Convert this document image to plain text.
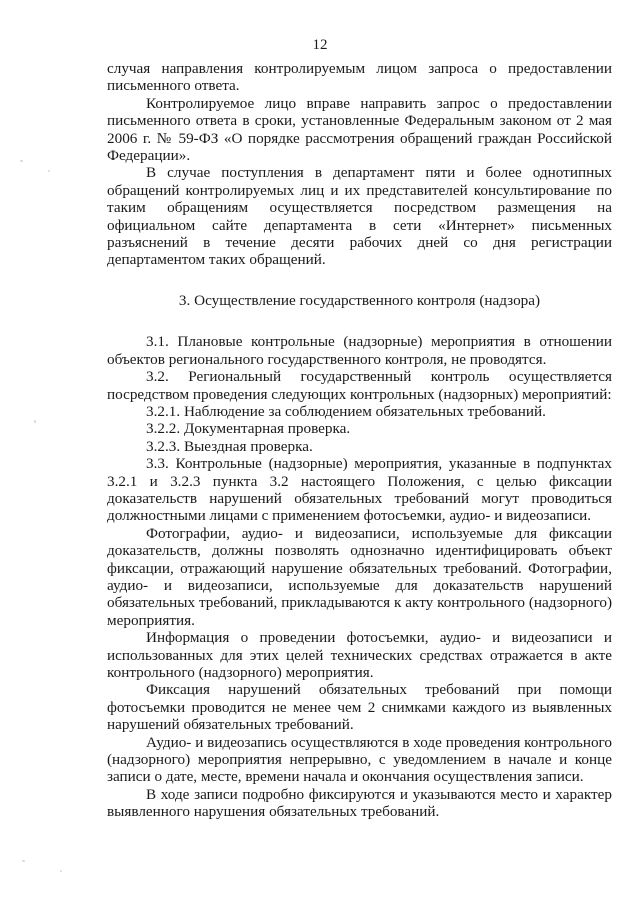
12

случая направления контролируемым лицом запроса о предоставлении письменного ответа.

Контролируемое лицо вправе направить запрос о предоставлении письменного ответа в сроки, установленные Федеральным законом от 2 мая 2006 г. № 59-ФЗ «О порядке рассмотрения обращений граждан Российской Федерации».

В случае поступления в департамент пяти и более однотипных обращений контролируемых лиц и их представителей консультирование по таким обращениям осуществляется посредством размещения на официальном сайте департамента в сети «Интернет» письменных разъяснений в течение десяти рабочих дней со дня регистрации департаментом таких обращений.

3. Осуществление государственного контроля (надзора)

3.1. Плановые контрольные (надзорные) мероприятия в отношении объектов регионального государственного контроля, не проводятся.

3.2. Региональный государственный контроль осуществляется посредством проведения следующих контрольных (надзорных) мероприятий:

3.2.1. Наблюдение за соблюдением обязательных требований.

3.2.2. Документарная проверка.

3.2.3. Выездная проверка.

3.3. Контрольные (надзорные) мероприятия, указанные в подпунктах 3.2.1 и 3.2.3 пункта 3.2 настоящего Положения, с целью фиксации доказательств нарушений обязательных требований могут проводиться должностными лицами с применением фотосъемки, аудио- и видеозаписи.

Фотографии, аудио- и видеозаписи, используемые для фиксации доказательств, должны позволять однозначно идентифицировать объект фиксации, отражающий нарушение обязательных требований. Фотографии, аудио- и видеозаписи, используемые для доказательств нарушений обязательных требований, прикладываются к акту контрольного (надзорного) мероприятия.

Информация о проведении фотосъемки, аудио- и видеозаписи и использованных для этих целей технических средствах отражается в акте контрольного (надзорного) мероприятия.

Фиксация нарушений обязательных требований при помощи фотосъемки проводится не менее чем 2 снимками каждого из выявленных нарушений обязательных требований.

Аудио- и видеозапись осуществляются в ходе проведения контрольного (надзорного) мероприятия непрерывно, с уведомлением в начале и конце записи о дате, месте, времени начала и окончания осуществления записи.

В ходе записи подробно фиксируются и указываются место и характер выявленного нарушения обязательных требований.
